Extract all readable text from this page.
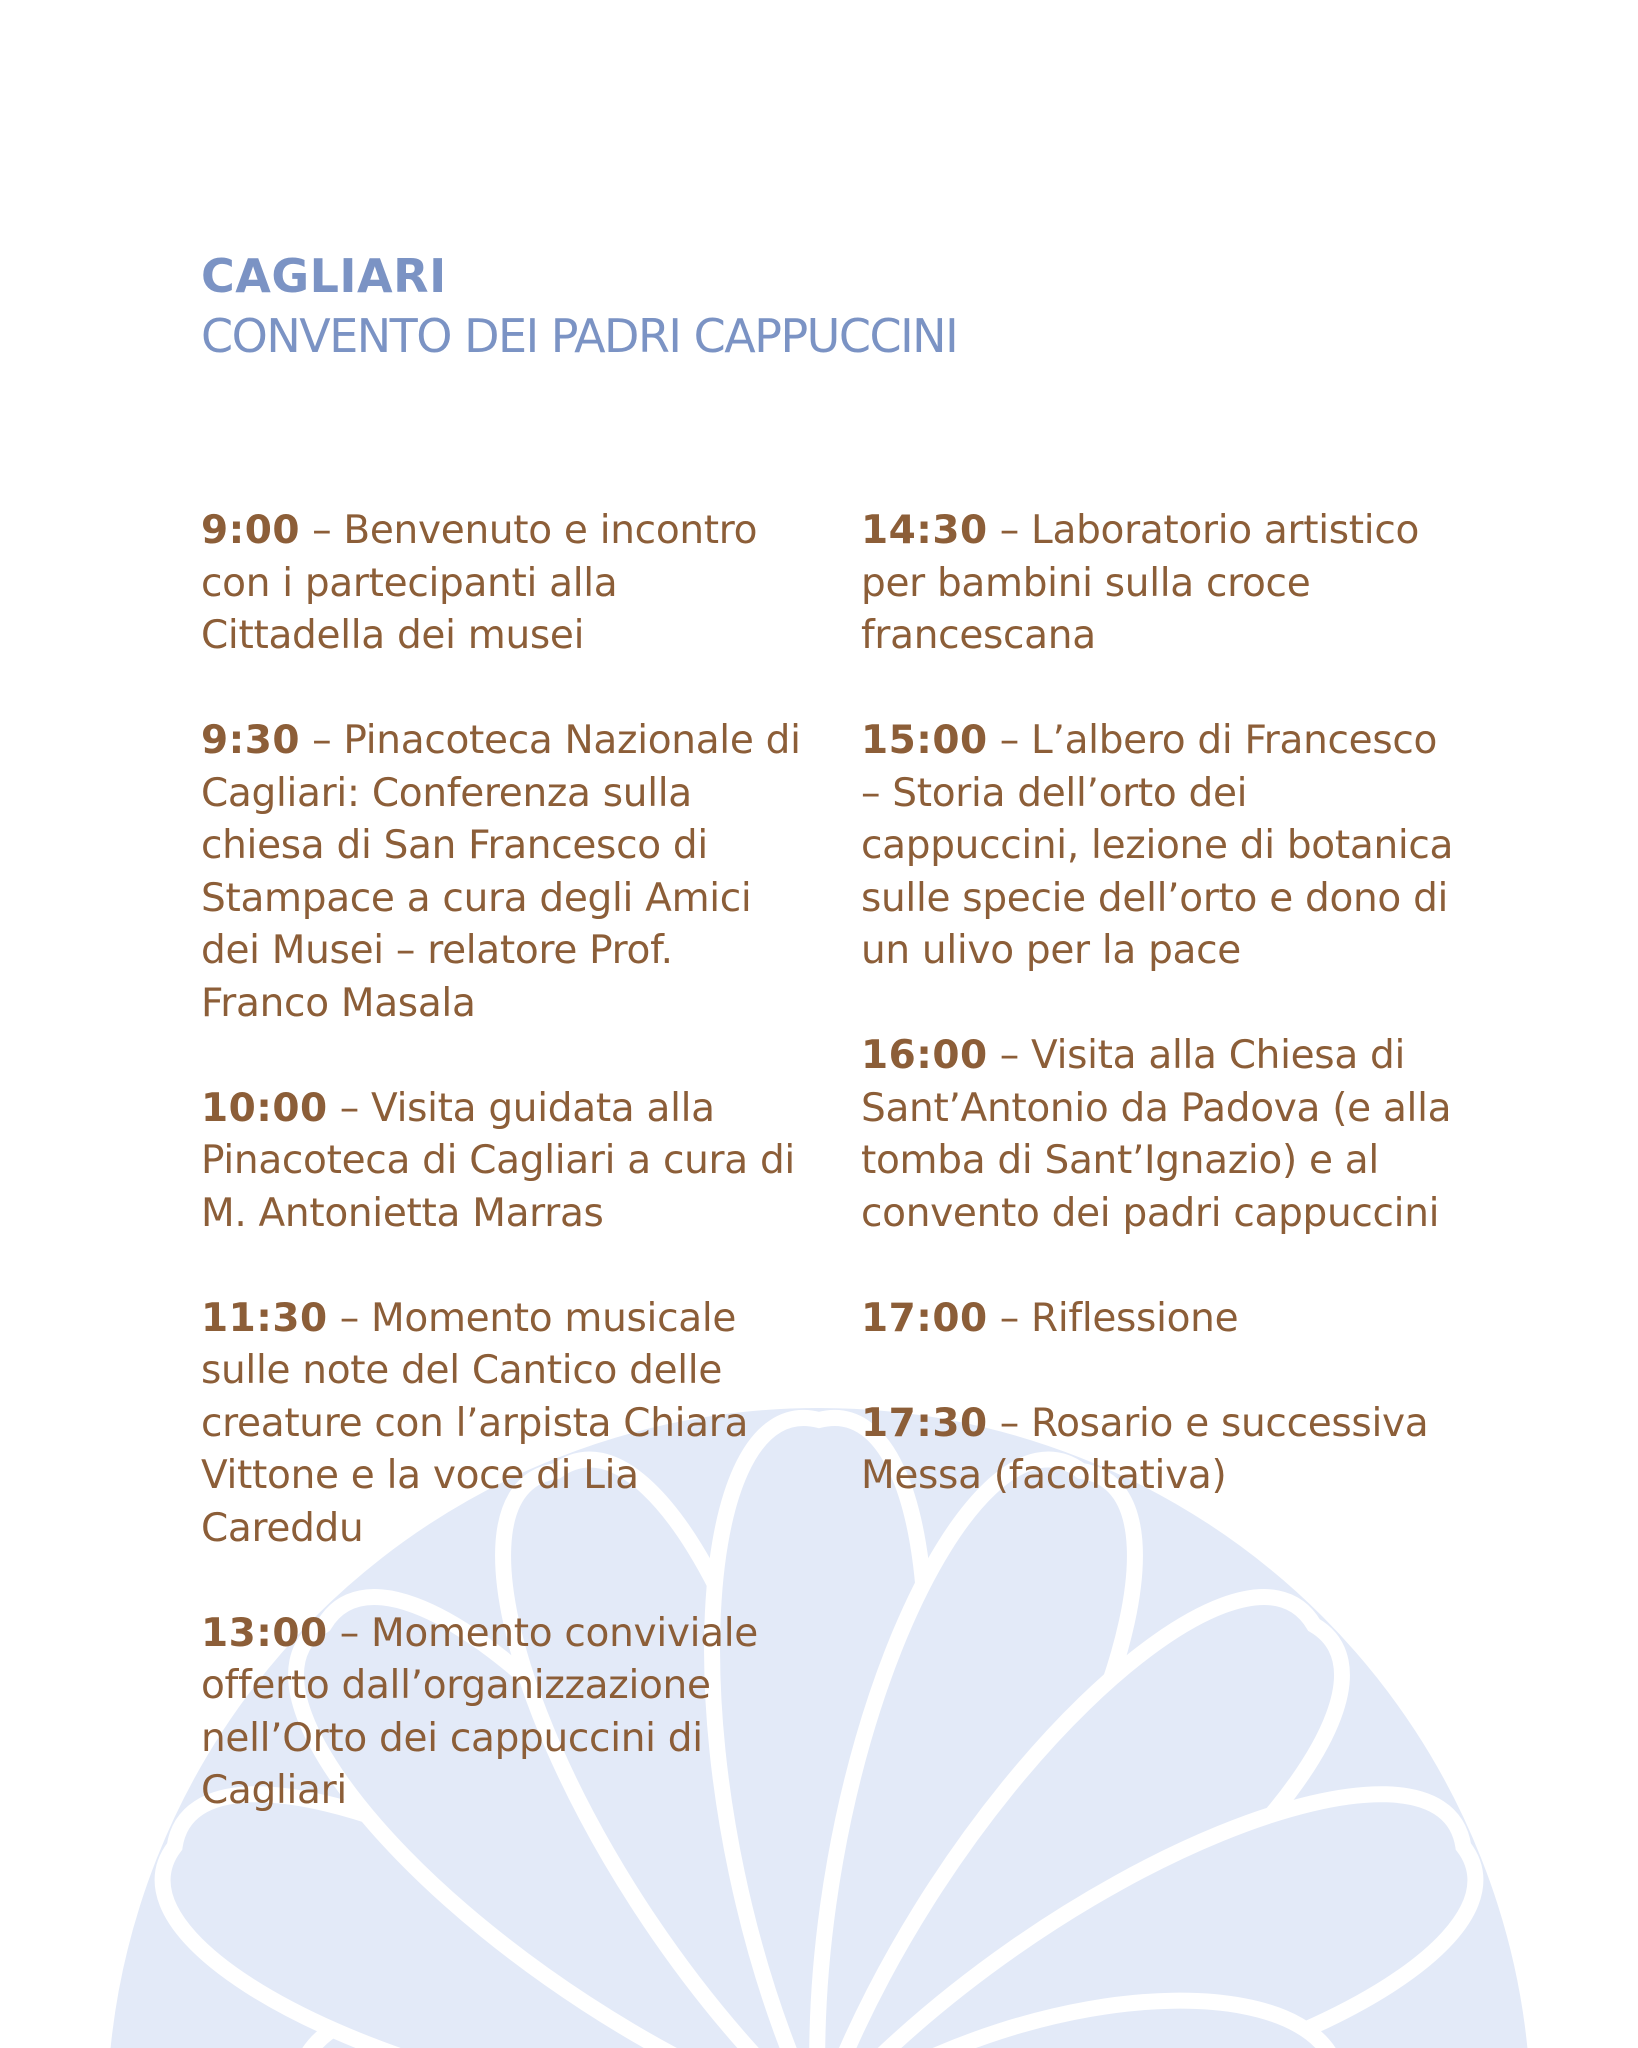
CAGLIARI
CONVENTO DEI PADRI CAPPUCCINI
9:00 – Benvenuto e incontro con i partecipanti alla Cittadella dei musei
9:30 – Pinacoteca Nazionale di Cagliari: Conferenza sulla chiesa di San Francesco di Stampace a cura degli Amici dei Musei – relatore Prof. Franco Masala
10:00 – Visita guidata alla Pinacoteca di Cagliari a cura di M. Antonietta Marras
11:30 – Momento musicale sulle note del Cantico delle creature con l’arpista Chiara Vittone e la voce di Lia Careddu
13:00 – Momento conviviale offerto dall’organizzazione nell’Orto dei cappuccini di Cagliari
14:30 – Laboratorio artistico per bambini sulla croce francescana
15:00 – L’albero di Francesco – Storia dell’orto dei cappuccini, lezione di botanica sulle specie dell’orto e dono di un ulivo per la pace
16:00 – Visita alla Chiesa di Sant’Antonio da Padova (e alla tomba di Sant’Ignazio) e al convento dei padri cappuccini
17:00 – Riflessione
17:30 – Rosario e successiva Messa (facoltativa)
